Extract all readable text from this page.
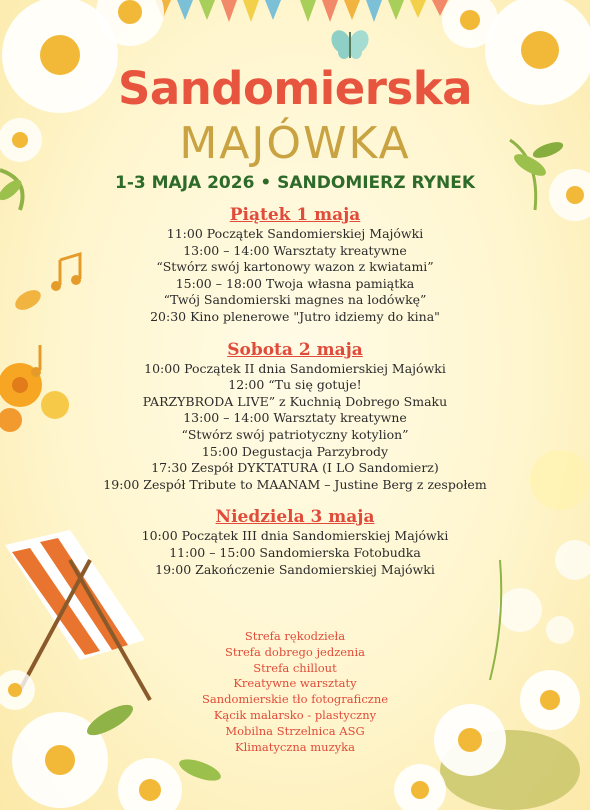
Sandomierska
MAJÓWKA
1-3 MAJA 2026 • SANDOMIERZ RYNEK
Piątek 1 maja
11:00 Początek Sandomierskiej Majówki
13:00 – 14:00 Warsztaty kreatywne
“Stwórz swój kartonowy wazon z kwiatami”
15:00 – 18:00 Twoja własna pamiątka
“Twój Sandomierski magnes na lodówkę”
20:30 Kino plenerowe "Jutro idziemy do kina"
Sobota 2 maja
10:00 Początek II dnia Sandomierskiej Majówki
12:00 “Tu się gotuje!
PARZYBRODA LIVE” z Kuchnią Dobrego Smaku
13:00 – 14:00 Warsztaty kreatywne
“Stwórz swój patriotyczny kotylion”
15:00 Degustacja Parzybrody
17:30 Zespół DYKTATURA (I LO Sandomierz)
19:00 Zespół Tribute to MAANAM – Justine Berg z zespołem
Niedziela 3 maja
10:00 Początek III dnia Sandomierskiej Majówki
11:00 – 15:00 Sandomierska Fotobudka
19:00 Zakończenie Sandomierskiej Majówki
Strefa rękodzieła
Strefa dobrego jedzenia
Strefa chillout
Kreatywne warsztaty
Sandomierskie tło fotograficzne
Kącik malarsko - plastyczny
Mobilna Strzelnica ASG
Klimatyczna muzyka
